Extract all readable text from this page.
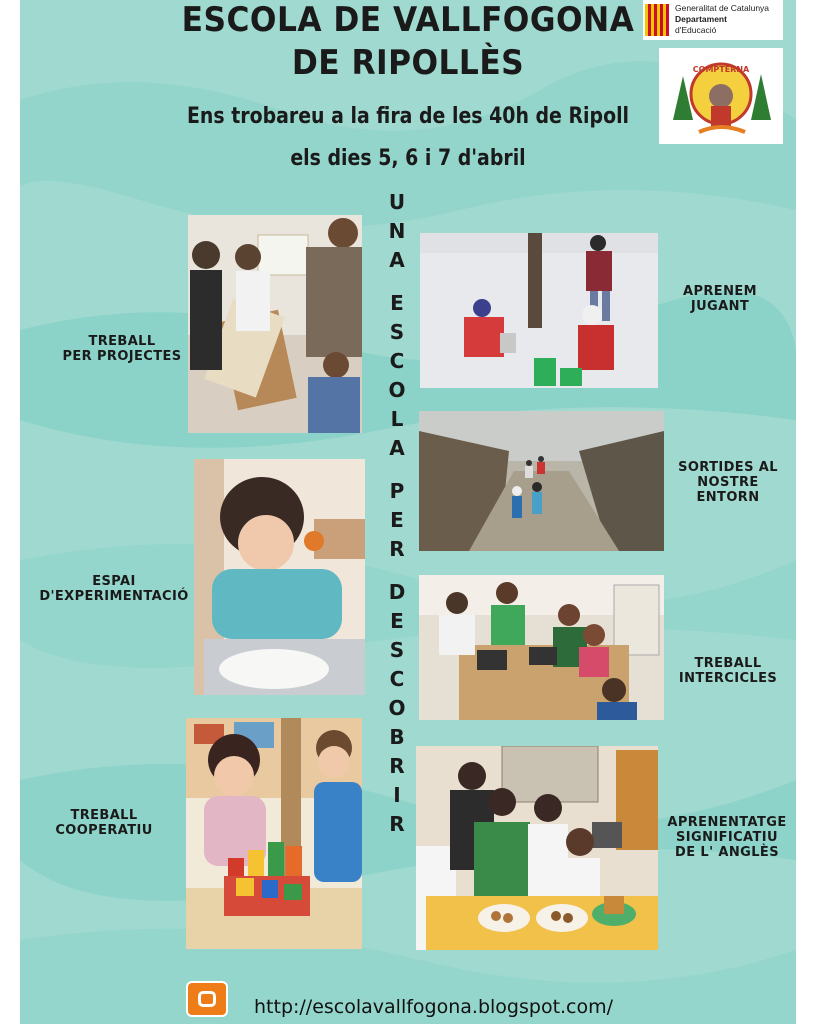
ESCOLA DE VALLFOGONA
DE RIPOLLÈS
Ens trobareu a la fira de les 40h de Ripoll
els dies 5, 6 i 7 d'abril
Generalitat de Catalunya
Departament
d'Educació
COMPTERNA
U
N
A
E
S
C
O
L
A
P
E
R
D
E
S
C
O
B
R
I
R
TREBALL
PER PROJECTES
APRENEM
JUGANT
SORTIDES AL
NOSTRE
ENTORN
ESPAI
D'EXPERIMENTACIÓ
TREBALL
INTERCICLES
TREBALL
COOPERATIU
APRENENTATGE
SIGNIFICATIU
DE L' ANGLÈS
http://escolavallfogona.blogspot.com/
